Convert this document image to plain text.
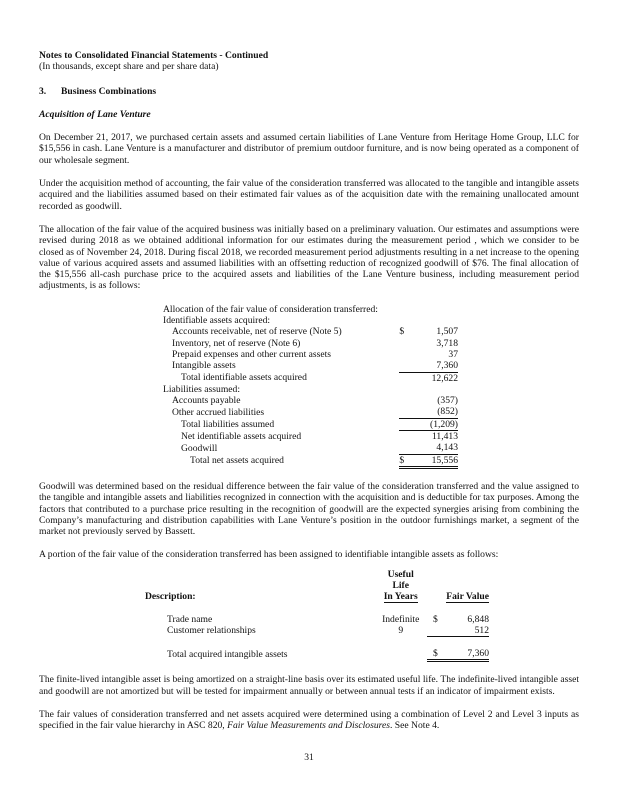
Notes to Consolidated Financial Statements - Continued
(In thousands, except share and per share data)
3. Business Combinations
Acquisition of Lane Venture

On December 21, 2017, we purchased certain assets and assumed certain liabilities of Lane Venture from Heritage Home Group, LLC for $15,556 in cash. Lane Venture is a manufacturer and distributor of premium outdoor furniture, and is now being operated as a component of our wholesale segment.

Under the acquisition method of accounting, the fair value of the consideration transferred was allocated to the tangible and intangible assets acquired and the liabilities assumed based on their estimated fair values as of the acquisition date with the remaining unallocated amount recorded as goodwill.

The allocation of the fair value of the acquired business was initially based on a preliminary valuation. Our estimates and assumptions were revised during 2018 as we obtained additional information for our estimates during the measurement period , which we consider to be closed as of November 24, 2018. During fiscal 2018, we recorded measurement period adjustments resulting in a net increase to the opening value of various acquired assets and assumed liabilities with an offsetting reduction of recognized goodwill of $76. The final allocation of the $15,556 all-cash purchase price to the acquired assets and liabilities of the Lane Venture business, including measurement period adjustments, is as follows:

Allocation of the fair value of consideration transferred:		
Identifiable assets acquired:		
Accounts receivable, net of reserve (Note 5)	$	1,507
Inventory, net of reserve (Note 6)		3,718
Prepaid expenses and other current assets		37
Intangible assets		7,360
Total identifiable assets acquired		12,622
Liabilities assumed:		
Accounts payable		(357)
Other accrued liabilities		(852)
Total liabilities assumed		(1,209)
Net identifiable assets acquired		11,413
Goodwill		4,143
Total net assets acquired	$	15,556

Goodwill was determined based on the residual difference between the fair value of the consideration transferred and the value assigned to the tangible and intangible assets and liabilities recognized in connection with the acquisition and is deductible for tax purposes. Among the factors that contributed to a purchase price resulting in the recognition of goodwill are the expected synergies arising from combining the Company’s manufacturing and distribution capabilities with Lane Venture’s position in the outdoor furnishings market, a segment of the market not previously served by Bassett.

A portion of the fair value of the consideration transferred has been assigned to identifiable intangible assets as follows:

Description:	Useful
Life
In Years	Fair Value	

Trade name	Indefinite	$	6,848
Customer relationships	9		512

Total acquired intangible assets		$	7,360

The finite-lived intangible asset is being amortized on a straight-line basis over its estimated useful life. The indefinite-lived intangible asset and goodwill are not amortized but will be tested for impairment annually or between annual tests if an indicator of impairment exists.

The fair values of consideration transferred and net assets acquired were determined using a combination of Level 2 and Level 3 inputs as specified in the fair value hierarchy in ASC 820, Fair Value Measurements and Disclosures. See Note 4.

31
